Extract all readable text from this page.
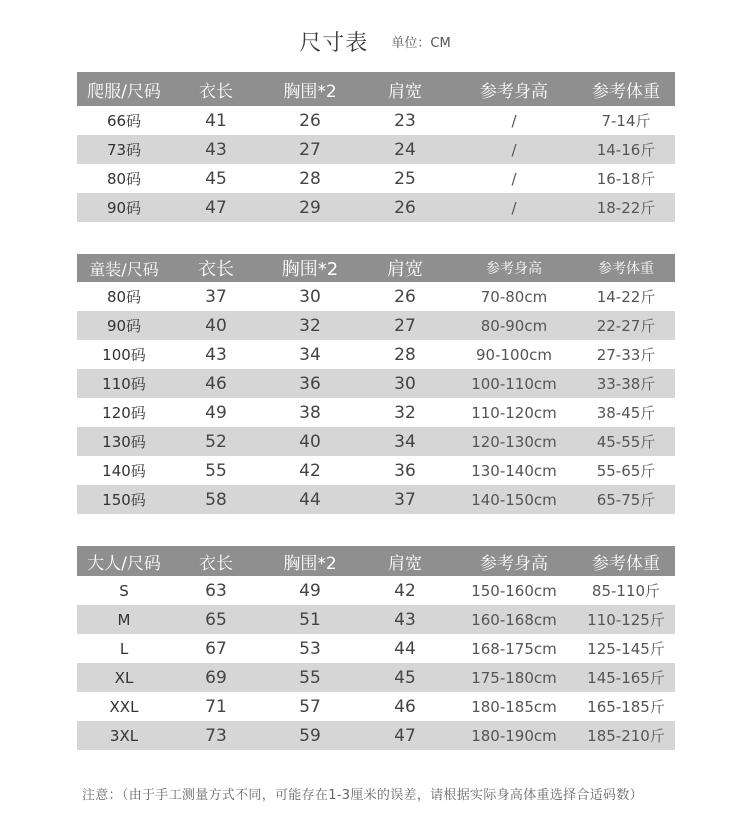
尺寸表 单位：CM
爬服/尺码	衣长	胸围*2	肩宽	参考身高	参考体重
66码	41	26	23	/	7-14斤
73码	43	27	24	/	14-16斤
80码	45	28	25	/	16-18斤
90码	47	29	26	/	18-22斤
童装/尺码	衣长	胸围*2	肩宽	参考身高	参考体重
80码	37	30	26	70-80cm	14-22斤
90码	40	32	27	80-90cm	22-27斤
100码	43	34	28	90-100cm	27-33斤
110码	46	36	30	100-110cm	33-38斤
120码	49	38	32	110-120cm	38-45斤
130码	52	40	34	120-130cm	45-55斤
140码	55	42	36	130-140cm	55-65斤
150码	58	44	37	140-150cm	65-75斤
大人/尺码	衣长	胸围*2	肩宽	参考身高	参考体重
S	63	49	42	150-160cm	85-110斤
M	65	51	43	160-168cm	110-125斤
L	67	53	44	168-175cm	125-145斤
XL	69	55	45	175-180cm	145-165斤
XXL	71	57	46	180-185cm	165-185斤
3XL	73	59	47	180-190cm	185-210斤
注意：（由于手工测量方式不同，可能存在1-3厘米的误差，请根据实际身高体重选择合适码数）
